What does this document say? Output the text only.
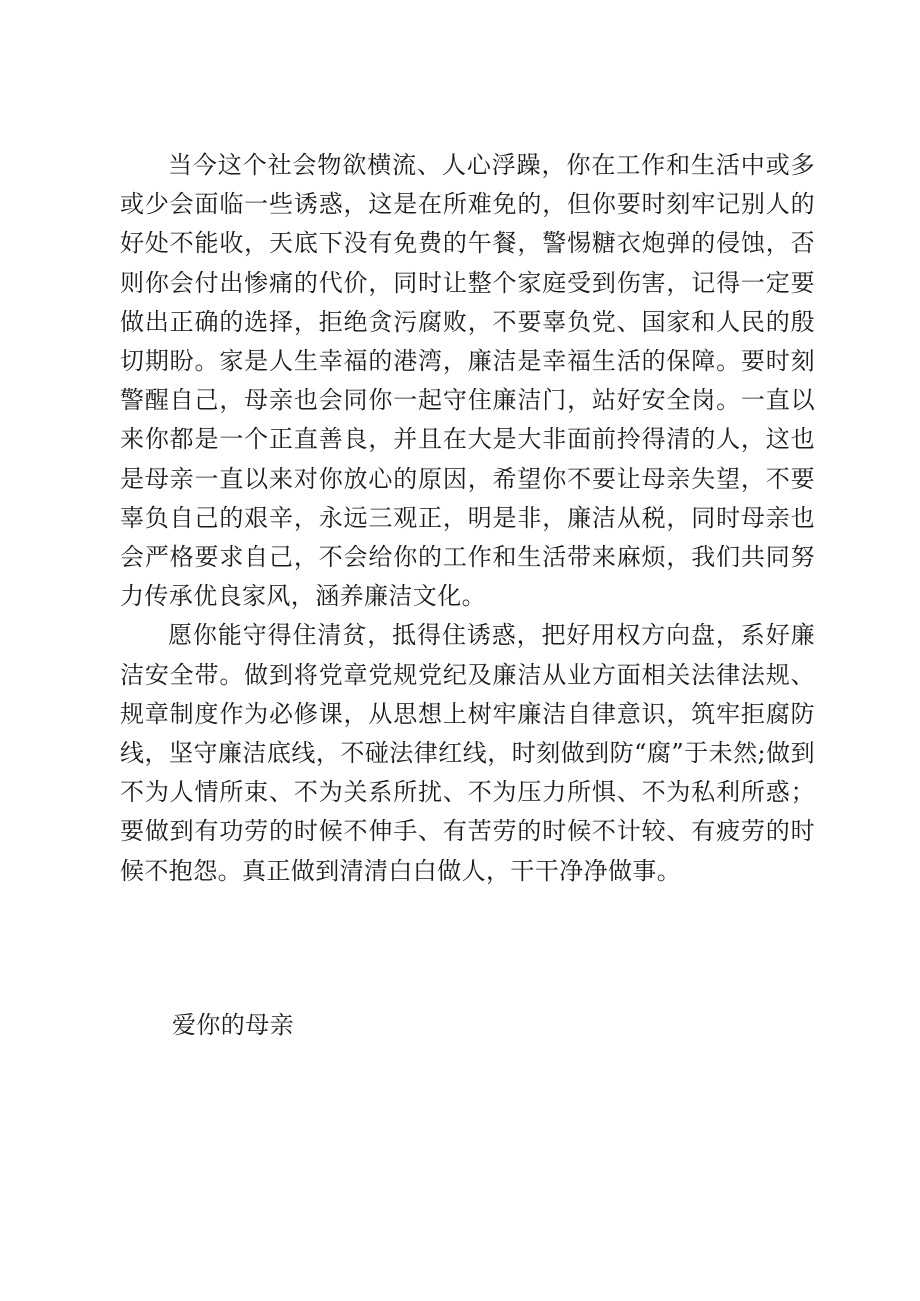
当今这个社会物欲横流、人心浮躁，你在工作和生活中或多或少会面临一些诱惑，这是在所难免的，但你要时刻牢记别人的好处不能收，天底下没有免费的午餐，警惕糖衣炮弹的侵蚀，否则你会付出惨痛的代价，同时让整个家庭受到伤害，记得一定要做出正确的选择，拒绝贪污腐败，不要辜负党、国家和人民的殷切期盼。家是人生幸福的港湾，廉洁是幸福生活的保障。要时刻警醒自己，母亲也会同你一起守住廉洁门，站好安全岗。一直以来你都是一个正直善良，并且在大是大非面前拎得清的人，这也是母亲一直以来对你放心的原因，希望你不要让母亲失望，不要辜负自己的艰辛，永远三观正，明是非，廉洁从税，同时母亲也会严格要求自己，不会给你的工作和生活带来麻烦，我们共同努力传承优良家风，涵养廉洁文化。

愿你能守得住清贫，抵得住诱惑，把好用权方向盘，系好廉洁安全带。做到将党章党规党纪及廉洁从业方面相关法律法规、规章制度作为必修课，从思想上树牢廉洁自律意识，筑牢拒腐防线，坚守廉洁底线，不碰法律红线，时刻做到防“腐”于未然;做到不为人情所束、不为关系所扰、不为压力所惧、不为私利所惑；要做到有功劳的时候不伸手、有苦劳的时候不计较、有疲劳的时候不抱怨。真正做到清清白白做人，干干净净做事。

爱你的母亲
